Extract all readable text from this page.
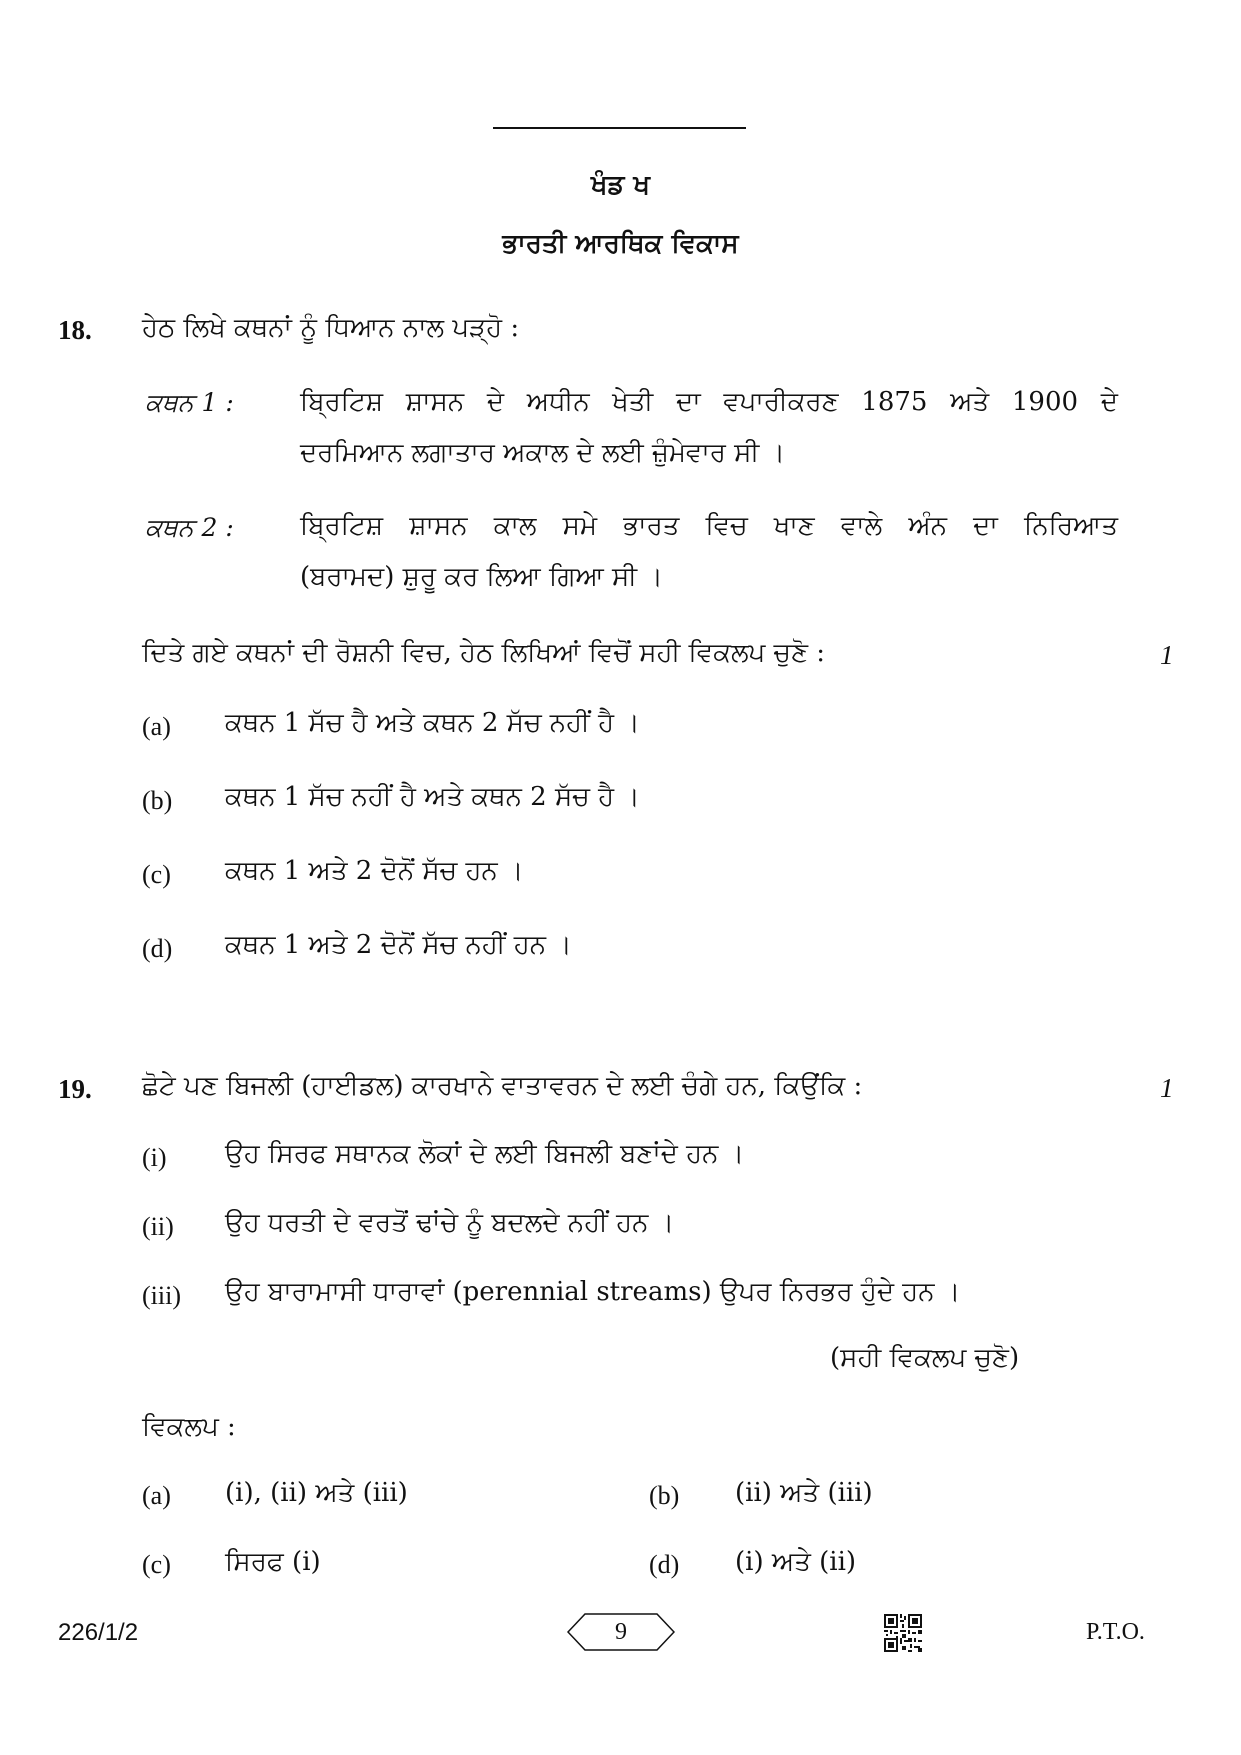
ਖੰਡ ਖ
ਭਾਰਤੀ ਆਰਥਿਕ ਵਿਕਾਸ
18. ਹੇਠ ਲਿਖੇ ਕਥਨਾਂ ਨੂੰ ਧਿਆਨ ਨਾਲ ਪੜ੍ਹੋ :
ਕਥਨ 1 :	ਬ੍ਰਿਟਿਸ਼ ਸ਼ਾਸਨ ਦੇ ਅਧੀਨ ਖੇਤੀ ਦਾ ਵਪਾਰੀਕਰਣ 1875 ਅਤੇ 1900 ਦੇ
ਦਰਮਿਆਨ ਲਗਾਤਾਰ ਅਕਾਲ ਦੇ ਲਈ ਜ਼ੁੰਮੇਵਾਰ ਸੀ ।
ਕਥਨ 2 :	ਬ੍ਰਿਟਿਸ਼ ਸ਼ਾਸਨ ਕਾਲ ਸਮੇ ਭਾਰਤ ਵਿਚ ਖਾਣ ਵਾਲੇ ਅੰਨ ਦਾ ਨਿਰਿਆਤ
(ਬਰਾਮਦ) ਸ਼ੁਰੂ ਕਰ ਲਿਆ ਗਿਆ ਸੀ ।
ਦਿਤੇ ਗਏ ਕਥਨਾਂ ਦੀ ਰੋਸ਼ਨੀ ਵਿਚ, ਹੇਠ ਲਿਖਿਆਂ ਵਿਚੋਂ ਸਹੀ ਵਿਕਲਪ ਚੁਣੋ :	1
(a) ਕਥਨ 1 ਸੱਚ ਹੈ ਅਤੇ ਕਥਨ 2 ਸੱਚ ਨਹੀਂ ਹੈ ।
(b) ਕਥਨ 1 ਸੱਚ ਨਹੀਂ ਹੈ ਅਤੇ ਕਥਨ 2 ਸੱਚ ਹੈ ।
(c) ਕਥਨ 1 ਅਤੇ 2 ਦੋਨੋਂ ਸੱਚ ਹਨ ।
(d) ਕਥਨ 1 ਅਤੇ 2 ਦੋਨੋਂ ਸੱਚ ਨਹੀਂ ਹਨ ।
19. ਛੋਟੇ ਪਣ ਬਿਜਲੀ (ਹਾਈਡਲ) ਕਾਰਖਾਨੇ ਵਾਤਾਵਰਨ ਦੇ ਲਈ ਚੰਗੇ ਹਨ, ਕਿਉਂਕਿ :	1
(i) ਉਹ ਸਿਰਫ ਸਥਾਨਕ ਲੋਕਾਂ ਦੇ ਲਈ ਬਿਜਲੀ ਬਣਾਂਦੇ ਹਨ ।
(ii) ਉਹ ਧਰਤੀ ਦੇ ਵਰਤੋਂ ਢਾਂਚੇ ਨੂੰ ਬਦਲਦੇ ਨਹੀਂ ਹਨ ।
(iii) ਉਹ ਬਾਰਾਮਾਸੀ ਧਾਰਾਵਾਂ (perennial streams) ਉਪਰ ਨਿਰਭਰ ਹੁੰਦੇ ਹਨ ।
(ਸਹੀ ਵਿਕਲਪ ਚੁਣੋ)
ਵਿਕਲਪ :
(a) (i), (ii) ਅਤੇ (iii)	(b) (ii) ਅਤੇ (iii)
(c) ਸਿਰਫ (i)	(d) (i) ਅਤੇ (ii)
226/1/2	9	P.T.O.
